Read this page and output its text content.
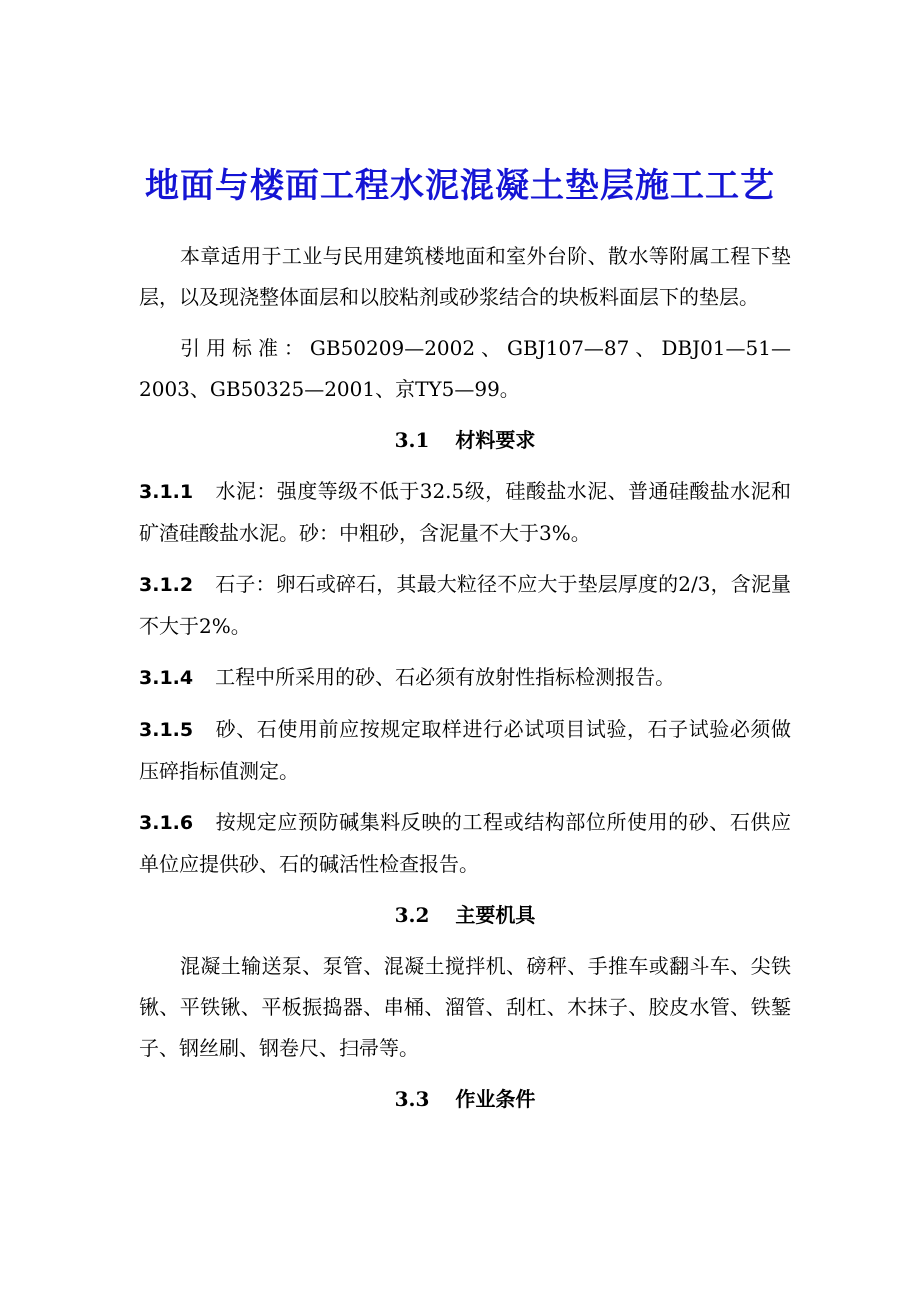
地面与楼面工程水泥混凝土垫层施工工艺

本章适用于工业与民用建筑楼地面和室外台阶、散水等附属工程下垫层，以及现浇整体面层和以胶粘剂或砂浆结合的块板料面层下的垫层。

引用标准：GB50209—2002、GBJ107—87、DBJ01—51—2003、GB50325—2001、京TY5—99。

3.1 材料要求
3.1.1 水泥：强度等级不低于32.5级，硅酸盐水泥、普通硅酸盐水泥和矿渣硅酸盐水泥。砂：中粗砂，含泥量不大于3%。
3.1.2 石子：卵石或碎石，其最大粒径不应大于垫层厚度的2/3，含泥量不大于2%。
3.1.4 工程中所采用的砂、石必须有放射性指标检测报告。
3.1.5 砂、石使用前应按规定取样进行必试项目试验，石子试验必须做压碎指标值测定。
3.1.6 按规定应预防碱集料反映的工程或结构部位所使用的砂、石供应单位应提供砂、石的碱活性检查报告。
3.2 主要机具

混凝土输送泵、泵管、混凝土搅拌机、磅秤、手推车或翻斗车、尖铁锹、平铁锹、平板振捣器、串桶、溜管、刮杠、木抹子、胶皮水管、铁錾子、钢丝刷、钢卷尺、扫帚等。

3.3 作业条件
